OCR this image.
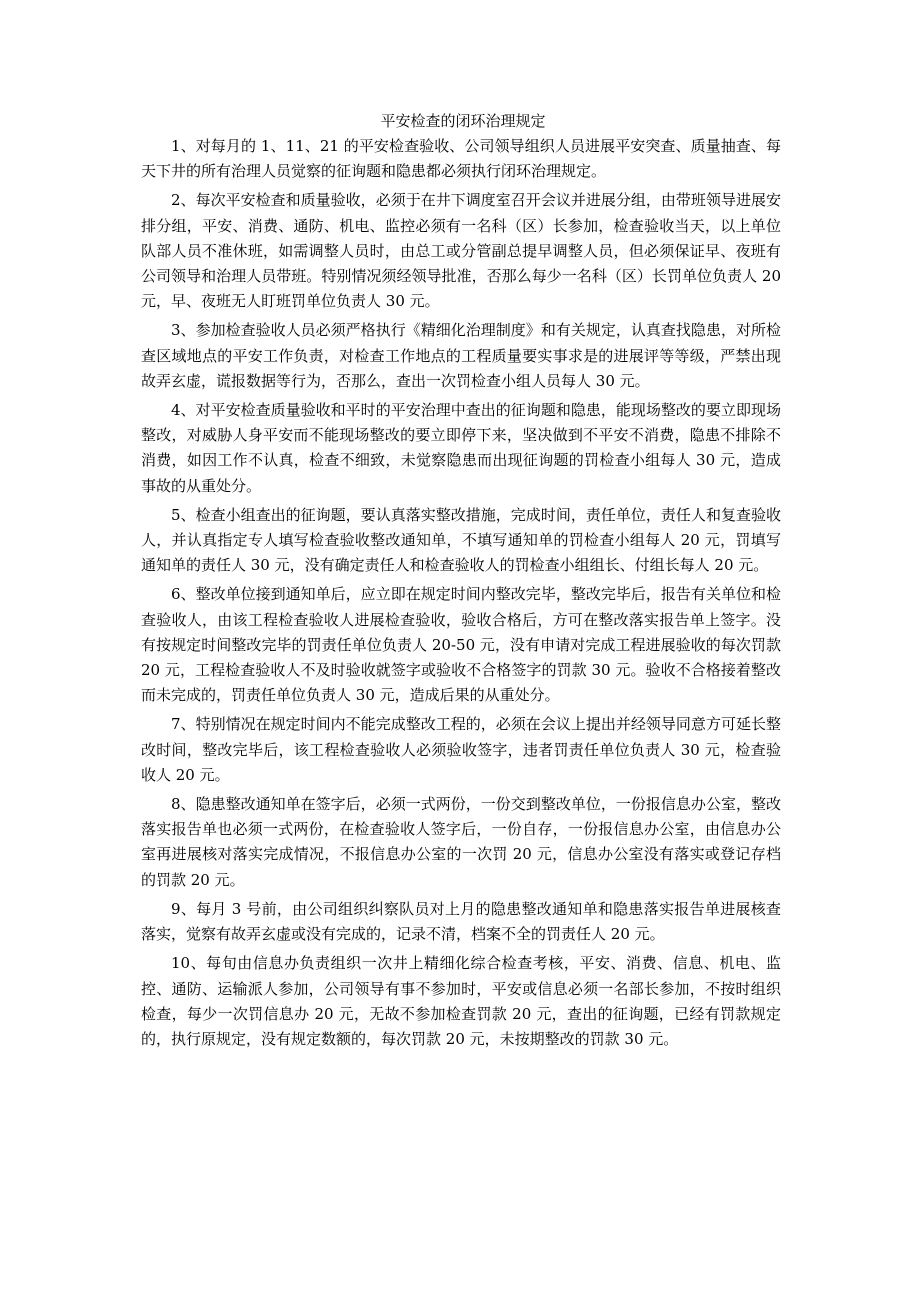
平安检查的闭环治理规定

1、对每月的 1、11、21 的平安检查验收、公司领导组织人员进展平安突查、质量抽查、每天下井的所有治理人员觉察的征询题和隐患都必须执行闭环治理规定。

2、每次平安检查和质量验收，必须于在井下调度室召开会议并进展分组，由带班领导进展安排分组，平安、消费、通防、机电、监控必须有一名科（区）长参加，检查验收当天，以上单位队部人员不准休班，如需调整人员时，由总工或分管副总提早调整人员，但必须保证早、夜班有公司领导和治理人员带班。特别情况须经领导批准，否那么每少一名科（区）长罚单位负责人 20 元，早、夜班无人盯班罚单位负责人 30 元。

3、参加检查验收人员必须严格执行《精细化治理制度》和有关规定，认真查找隐患，对所检查区域地点的平安工作负责，对检查工作地点的工程质量要实事求是的进展评等等级，严禁出现故弄玄虚，谎报数据等行为，否那么，查出一次罚检查小组人员每人 30 元。

4、对平安检查质量验收和平时的平安治理中查出的征询题和隐患，能现场整改的要立即现场整改，对威胁人身平安而不能现场整改的要立即停下来，坚决做到不平安不消费，隐患不排除不消费，如因工作不认真，检查不细致，未觉察隐患而出现征询题的罚检查小组每人 30 元，造成事故的从重处分。

5、检查小组查出的征询题，要认真落实整改措施，完成时间，责任单位，责任人和复查验收人，并认真指定专人填写检查验收整改通知单，不填写通知单的罚检查小组每人 20 元，罚填写通知单的责任人 30 元，没有确定责任人和检查验收人的罚检查小组组长、付组长每人 20 元。

6、整改单位接到通知单后，应立即在规定时间内整改完毕，整改完毕后，报告有关单位和检查验收人，由该工程检查验收人进展检查验收，验收合格后，方可在整改落实报告单上签字。没有按规定时间整改完毕的罚责任单位负责人 20-50 元，没有申请对完成工程进展验收的每次罚款 20 元，工程检查验收人不及时验收就签字或验收不合格签字的罚款 30 元。验收不合格接着整改而未完成的，罚责任单位负责人 30 元，造成后果的从重处分。

7、特别情况在规定时间内不能完成整改工程的，必须在会议上提出并经领导同意方可延长整改时间，整改完毕后，该工程检查验收人必须验收签字，违者罚责任单位负责人 30 元，检查验收人 20 元。

8、隐患整改通知单在签字后，必须一式两份，一份交到整改单位，一份报信息办公室，整改落实报告单也必须一式两份，在检查验收人签字后，一份自存，一份报信息办公室，由信息办公室再进展核对落实完成情况，不报信息办公室的一次罚 20 元，信息办公室没有落实或登记存档的罚款 20 元。

9、每月 3 号前，由公司组织纠察队员对上月的隐患整改通知单和隐患落实报告单进展核查落实，觉察有故弄玄虚或没有完成的，记录不清，档案不全的罚责任人 20 元。

10、每旬由信息办负责组织一次井上精细化综合检查考核，平安、消费、信息、机电、监控、通防、运输派人参加，公司领导有事不参加时，平安或信息必须一名部长参加，不按时组织检查，每少一次罚信息办 20 元，无故不参加检查罚款 20 元，查出的征询题，已经有罚款规定的，执行原规定，没有规定数额的，每次罚款 20 元，未按期整改的罚款 30 元。
